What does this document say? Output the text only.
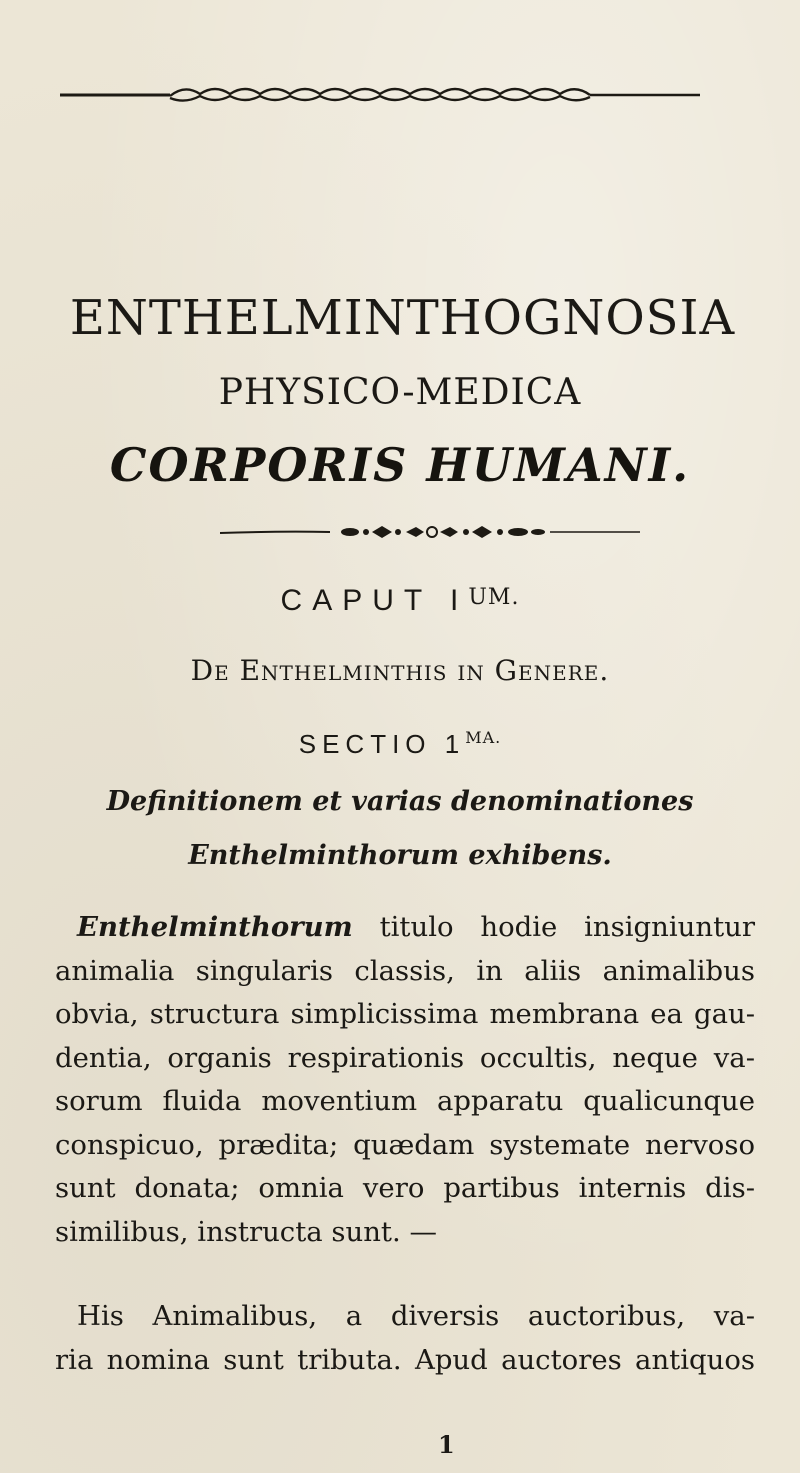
ENTHELMINTHOGNOSIA
PHYSICO-MEDICA
CORPORIS HUMANI.
CAPUT $I^{UM.}$
De Enthelminthis in Genere.
SECTIO $1^{MA.}$
Definitionem et varias denominationes
Enthelminthorum exhibens.
Enthelminthorum titulo hodie insigniuntur
animalia singularis classis, in aliis animalibus
obvia, structura simplicissima membrana ea gau-
dentia, organis respirationis occultis, neque va-
sorum fluida moventium apparatu qualicunque
conspicuo, prædita; quædam systemate nervoso
sunt donata; omnia vero partibus internis dis-
similibus, instructa sunt. —
His Animalibus, a diversis auctoribus, va-
ria nomina sunt tributa. Apud auctores antiquos
1
